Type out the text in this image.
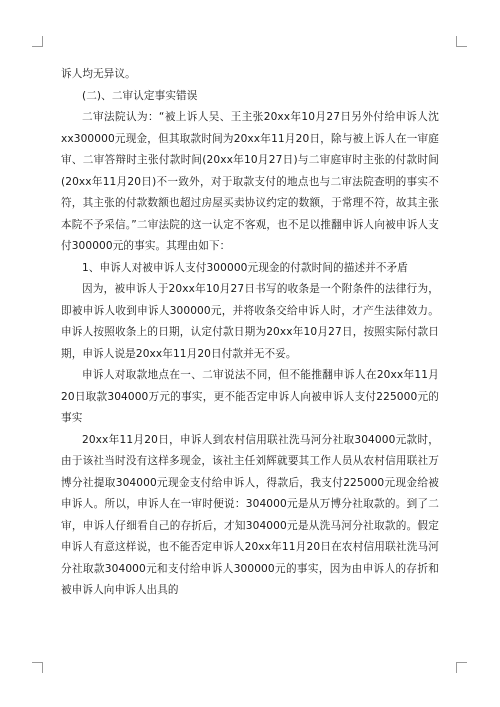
诉人均无异议。

(二)、二审认定事实错误

二审法院认为：“被上诉人吴、王主张20xx年10月27日另外付给申诉人沈xx300000元现金，但其取款时间为20xx年11月20日，除与被上诉人在一审庭审、二审答辩时主张付款时间(20xx年10月27日)与二审庭审时主张的付款时间(20xx年11月20日)不一致外，对于取款支付的地点也与二审法院查明的事实不符，其主张的付款数额也超过房屋买卖协议约定的数额，于常理不符，故其主张本院不予采信。”二审法院的这一认定不客观，也不足以推翻申诉人向被申诉人支付300000元的事实。其理由如下：

1、申诉人对被申诉人支付300000元现金的付款时间的描述并不矛盾

因为，被申诉人于20xx年10月27日书写的收条是一个附条件的法律行为，即被申诉人收到申诉人300000元，并将收条交给申诉人时，才产生法律效力。申诉人按照收条上的日期，认定付款日期为20xx年10月27日，按照实际付款日期，申诉人说是20xx年11月20日付款并无不妥。

申诉人对取款地点在一、二审说法不同，但不能推翻申诉人在20xx年11月20日取款304000万元的事实，更不能否定申诉人向被申诉人支付225000元的事实

20xx年11月20日，申诉人到农村信用联社洗马河分社取304000元款时，由于该社当时没有这样多现金，该社主任刘辉就要其工作人员从农村信用联社万博分社提取304000元现金支付给申诉人，得款后，我支付225000元现金给被申诉人。所以，申诉人在一审时便说：304000元是从万博分社取款的。到了二审，申诉人仔细看自己的存折后，才知304000元是从洗马河分社取款的。假定申诉人有意这样说，也不能否定申诉人20xx年11月20日在农村信用联社洗马河分社取款304000元和支付给申诉人300000元的事实，因为由申诉人的存折和被申诉人向申诉人出具的
